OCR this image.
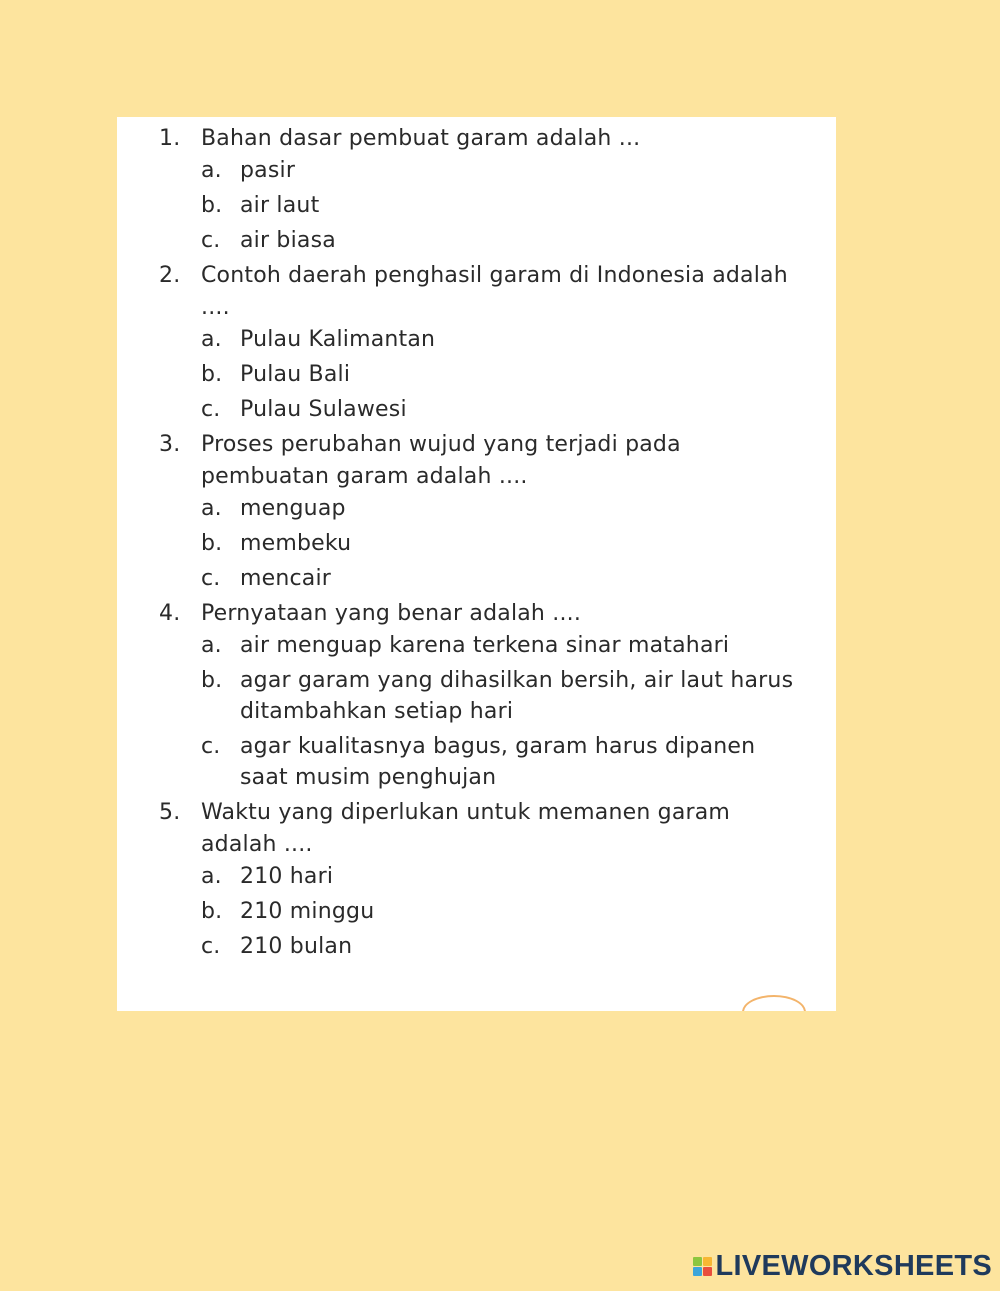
1. Bahan dasar pembuat garam adalah ...
a. pasir
b. air laut
c. air biasa
2. Contoh daerah penghasil garam di Indonesia adalah ....
a. Pulau Kalimantan
b. Pulau Bali
c. Pulau Sulawesi
3. Proses perubahan wujud yang terjadi pada pembuatan garam adalah ....
a. menguap
b. membeku
c. mencair
4. Pernyataan yang benar adalah ....
a. air menguap karena terkena sinar matahari
b. agar garam yang dihasilkan bersih, air laut harus ditambahkan setiap hari
c. agar kualitasnya bagus, garam harus dipanen saat musim penghujan
5. Waktu yang diperlukan untuk memanen garam adalah ....
a. 210 hari
b. 210 minggu
c. 210 bulan
LIVEWORKSHEETS
